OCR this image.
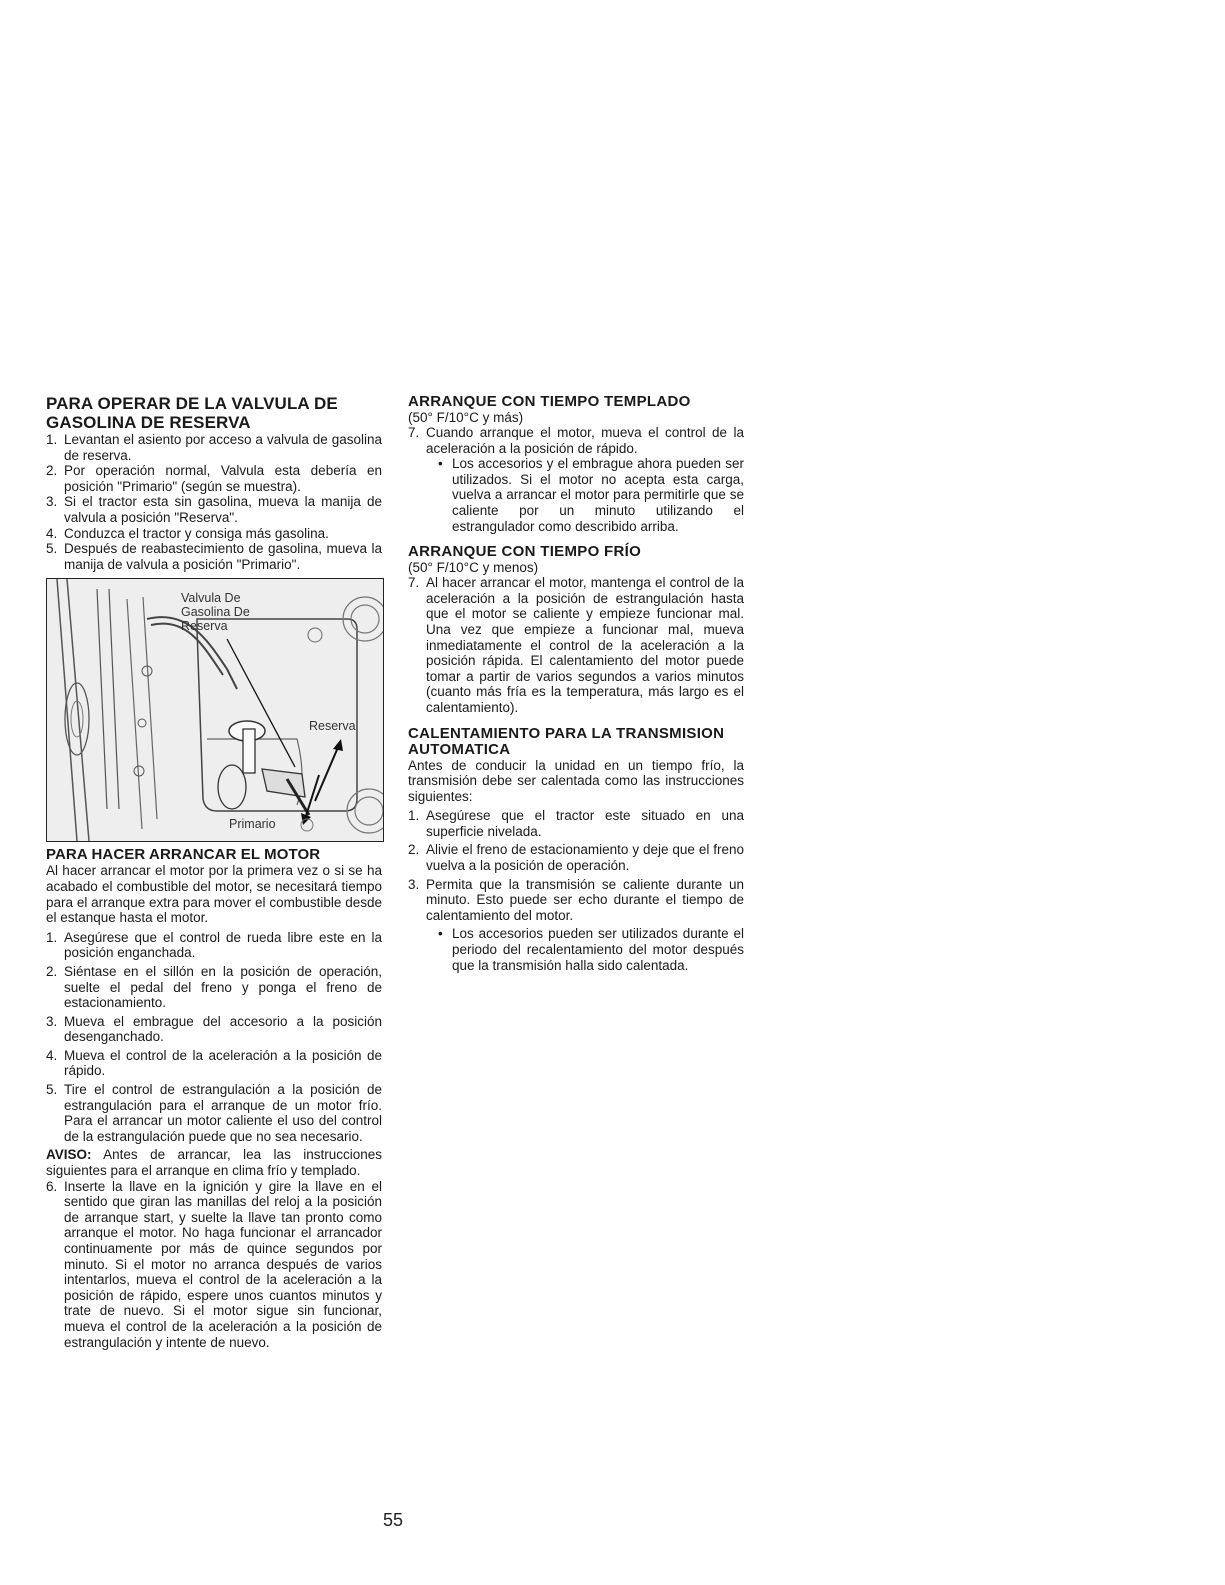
PARA OPERAR DE LA VALVULA DE GASOLINA DE RESERVA
1. Levantan el asiento por acceso a valvula de gasolina de reserva.
2. Por operación normal, Valvula esta debería en posición "Primario" (según se muestra).
3. Si el tractor esta sin gasolina, mueva la manija de valvula a posición "Reserva".
4. Conduzca el tractor y consiga más gasolina.
5. Después de reabastecimiento de gasolina, mueva la manija de valvula a posición "Primario".
Valvula De Gasolina De Reserva
Reserva
Primario
PARA HACER ARRANCAR EL MOTOR

Al hacer arrancar el motor por la primera vez o si se ha acabado el combustible del motor, se necesitará tiempo para el arranque extra para mover el combustible desde el estanque hasta el motor.

1. Asegúrese que el control de rueda libre este en la posición enganchada.
2. Siéntase en el sillón en la posición de operación, suelte el pedal del freno y ponga el freno de estacionamiento.
3. Mueva el embrague del accesorio a la posición desenganchado.
4. Mueva el control de la aceleración a la posición de rápido.
5. Tire el control de estrangulación a la posición de estrangulación para el arranque de un motor frío. Para el arrancar un motor caliente el uso del control de la estrangulación puede que no sea necesario.

AVISO: Antes de arrancar, lea las instrucciones siguientes para el arranque en clima frío y templado.

6. Inserte la llave en la ignición y gire la llave en el sentido que giran las manillas del reloj a la posición de arranque start, y suelte la llave tan pronto como arranque el motor. No haga funcionar el arrancador continuamente por más de quince segundos por minuto. Si el motor no arranca después de varios intentarlos, mueva el control de la aceleración a la posición de rápido, espere unos cuantos minutos y trate de nuevo. Si el motor sigue sin funcionar, mueva el control de la aceleración a la posición de estrangulación y intente de nuevo.
ARRANQUE CON TIEMPO TEMPLADO

(50° F/10°C y más)

7. Cuando arranque el motor, mueva el control de la aceleración a la posición de rápido.
• Los accesorios y el embrague ahora pueden ser utilizados. Si el motor no acepta esta carga, vuelva a arrancar el motor para permitirle que se caliente por un minuto utilizando el estrangulador como describido arriba.
ARRANQUE CON TIEMPO FRÍO

(50° F/10°C y menos)

7. Al hacer arrancar el motor, mantenga el control de la aceleración a la posición de estrangulación hasta que el motor se caliente y empieze funcionar mal. Una vez que empieze a funcionar mal, mueva inmediatamente el control de la aceleración a la posición rápida. El calentamiento del motor puede tomar a partir de varios segundos a varios minutos (cuanto más fría es la temperatura, más largo es el calentamiento).
CALENTAMIENTO PARA LA TRANSMISION AUTOMATICA

Antes de conducir la unidad en un tiempo frío, la transmisión debe ser calentada como las instrucciones siguientes:

1. Asegúrese que el tractor este situado en una superficie nivelada.
2. Alivie el freno de estacionamiento y deje que el freno vuelva a la posición de operación.
3. Permita que la transmisión se caliente durante un minuto. Esto puede ser echo durante el tiempo de calentamiento del motor.
• Los accesorios pueden ser utilizados durante el periodo del recalentamiento del motor después que la transmisión halla sido calentada.
55
